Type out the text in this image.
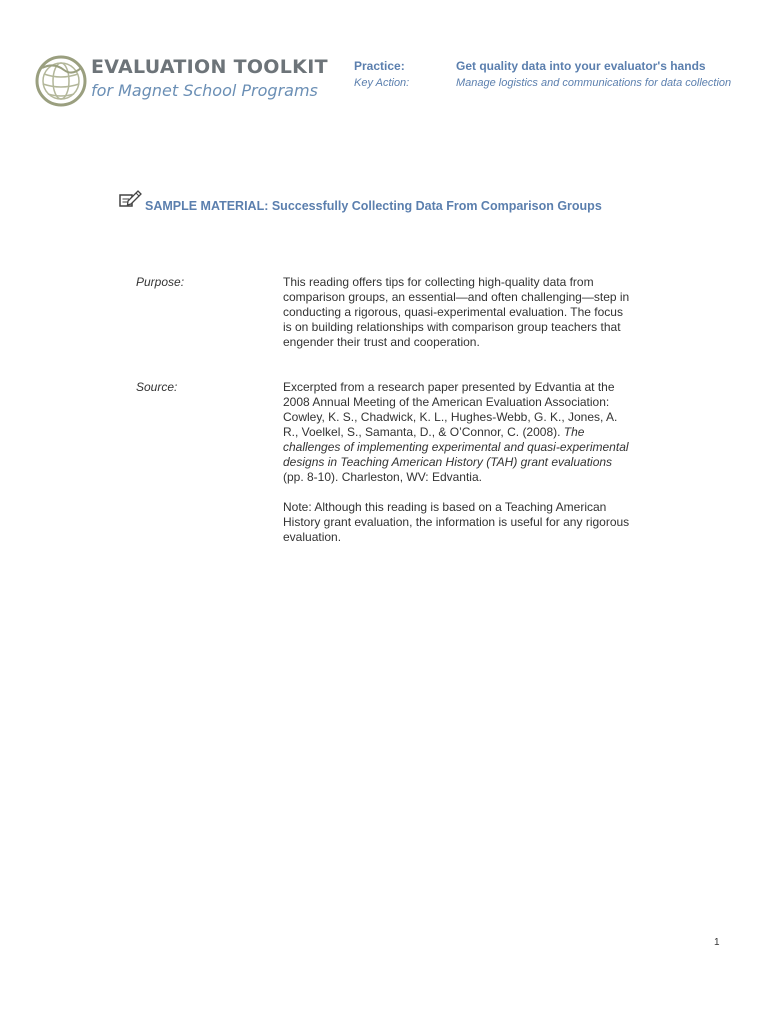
EVALUATION TOOLKIT
for Magnet School Programs
Practice:	Get quality data into your evaluator's hands
Key Action:	Manage logistics and communications for data collection
SAMPLE MATERIAL: Successfully Collecting Data From Comparison Groups
Purpose:	This reading offers tips for collecting high-quality data from comparison groups, an essential—and often challenging—step in conducting a rigorous, quasi-experimental evaluation. The focus is on building relationships with comparison group teachers that engender their trust and cooperation.

Source:	Excerpted from a research paper presented by Edvantia at the 2008 Annual Meeting of the American Evaluation Association: Cowley, K. S., Chadwick, K. L., Hughes-Webb, G. K., Jones, A. R., Voelkel, S., Samanta, D., & O’Connor, C. (2008). The challenges of implementing experimental and quasi-experimental designs in Teaching American History (TAH) grant evaluations (pp. 8-10). Charleston, WV: Edvantia.

Note: Although this reading is based on a Teaching American History grant evaluation, the information is useful for any rigorous evaluation.

1
